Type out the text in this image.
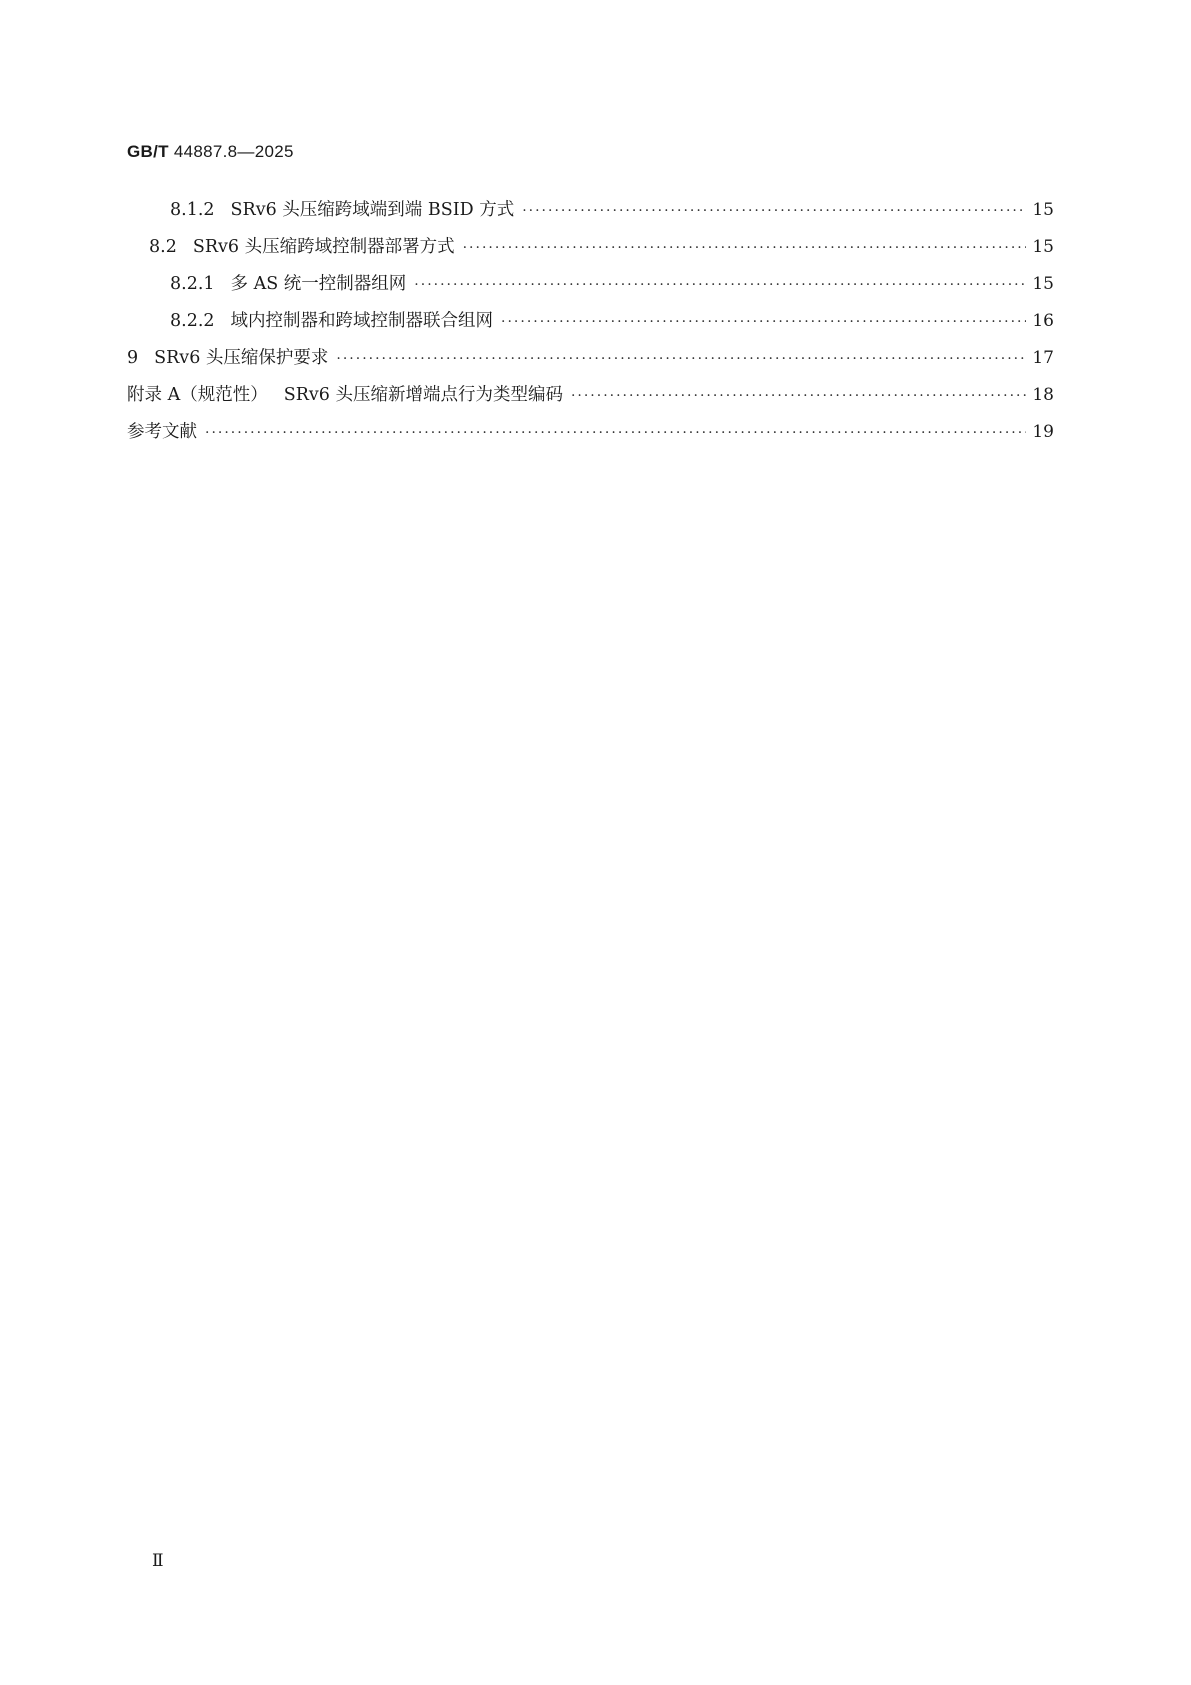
GB/T 44887.8—2025
8.1.2 SRv6 头压缩跨域端到端 BSID 方式 ·····	15
8.2 SRv6 头压缩跨域控制器部署方式 ·····	15
8.2.1 多 AS 统一控制器组网 ·····	15
8.2.2 域内控制器和跨域控制器联合组网 ·····	16
9 SRv6 头压缩保护要求 ·····	17
附录 A（规范性） SRv6 头压缩新增端点行为类型编码 ·····	18
参考文献 ·····	19
Ⅱ
